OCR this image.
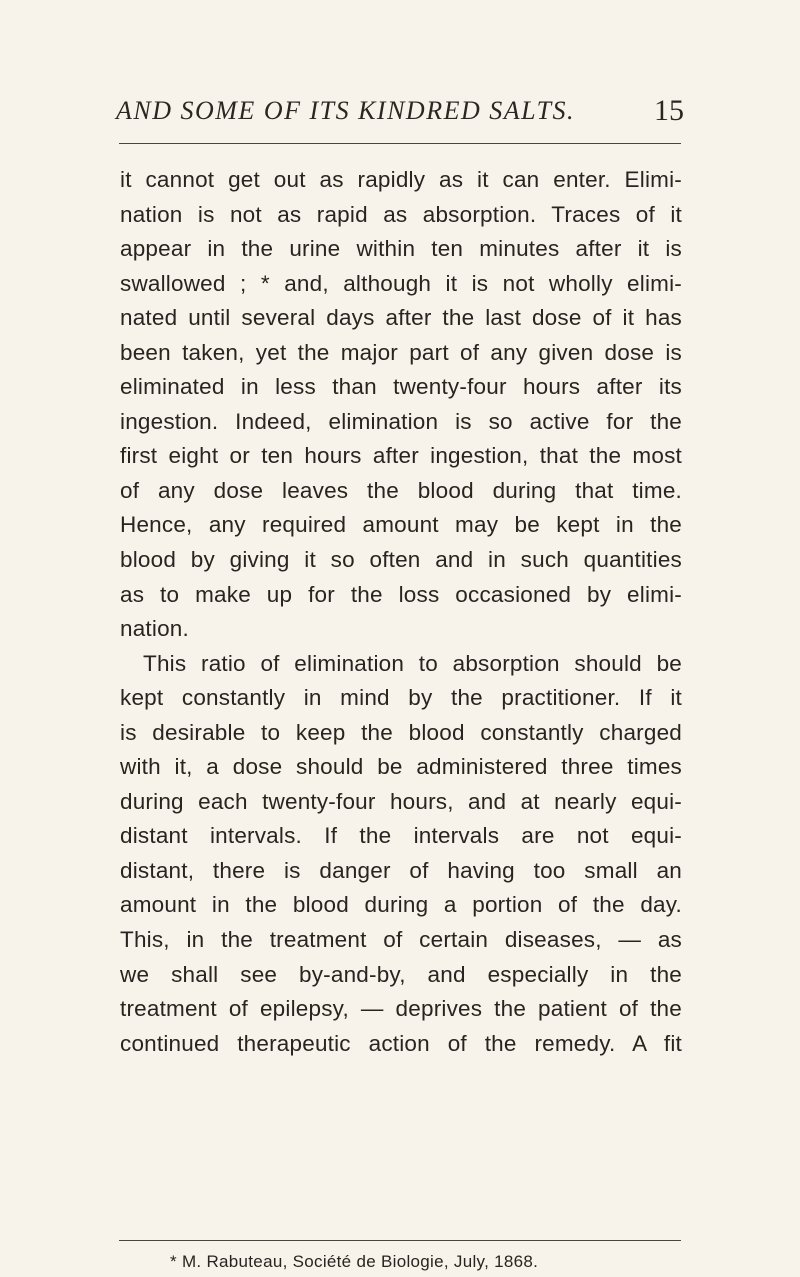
AND SOME OF ITS KINDRED SALTS.	15
it cannot get out as rapidly as it can enter. Elimi-
nation is not as rapid as absorption. Traces of it
appear in the urine within ten minutes after it is
swallowed ; * and, although it is not wholly elimi-
nated until several days after the last dose of it has
been taken, yet the major part of any given dose is
eliminated in less than twenty-four hours after its
ingestion. Indeed, elimination is so active for the
first eight or ten hours after ingestion, that the most
of any dose leaves the blood during that time.
Hence, any required amount may be kept in the
blood by giving it so often and in such quantities
as to make up for the loss occasioned by elimi-
nation.
This ratio of elimination to absorption should be
kept constantly in mind by the practitioner. If it
is desirable to keep the blood constantly charged
with it, a dose should be administered three times
during each twenty-four hours, and at nearly equi-
distant intervals. If the intervals are not equi-
distant, there is danger of having too small an
amount in the blood during a portion of the day.
This, in the treatment of certain diseases, — as
we shall see by-and-by, and especially in the
treatment of epilepsy, — deprives the patient of the
continued therapeutic action of the remedy. A fit
* M. Rabuteau, Société de Biologie, July, 1868.
